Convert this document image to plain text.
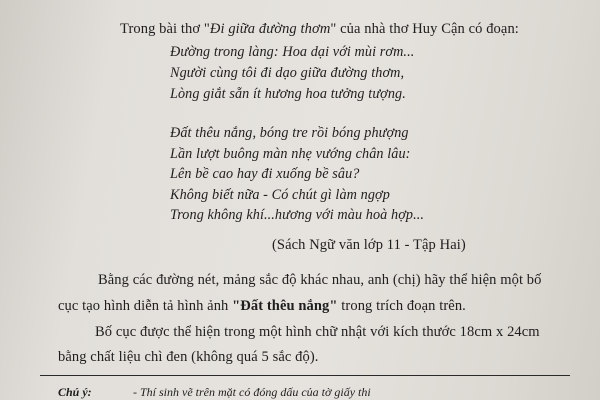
Trong bài thơ "Đi giữa đường thơm" của nhà thơ Huy Cận có đoạn:
Đường trong làng: Hoa dại với mùi rơm...
Người cùng tôi đi dạo giữa đường thơm,
Lòng giắt sẵn ít hương hoa tưởng tượng.
Đất thêu nắng, bóng tre rồi bóng phượng
Lần lượt buông màn nhẹ vướng chân lâu:
Lên bề cao hay đi xuống bề sâu?
Không biết nữa - Có chút gì làm ngợp
Trong không khí...hương với màu hoà hợp...
(Sách Ngữ văn lớp 11 - Tập Hai)
Bằng các đường nét, mảng sắc độ khác nhau, anh (chị) hãy thể hiện một bố
cục tạo hình diễn tả hình ảnh "Đất thêu nắng" trong trích đoạn trên.
Bố cục được thể hiện trong một hình chữ nhật với kích thước 18cm x 24cm
bằng chất liệu chì đen (không quá 5 sắc độ).
Chú ý:	- Thí sinh vẽ trên mặt có đóng dấu của tờ giấy thi
